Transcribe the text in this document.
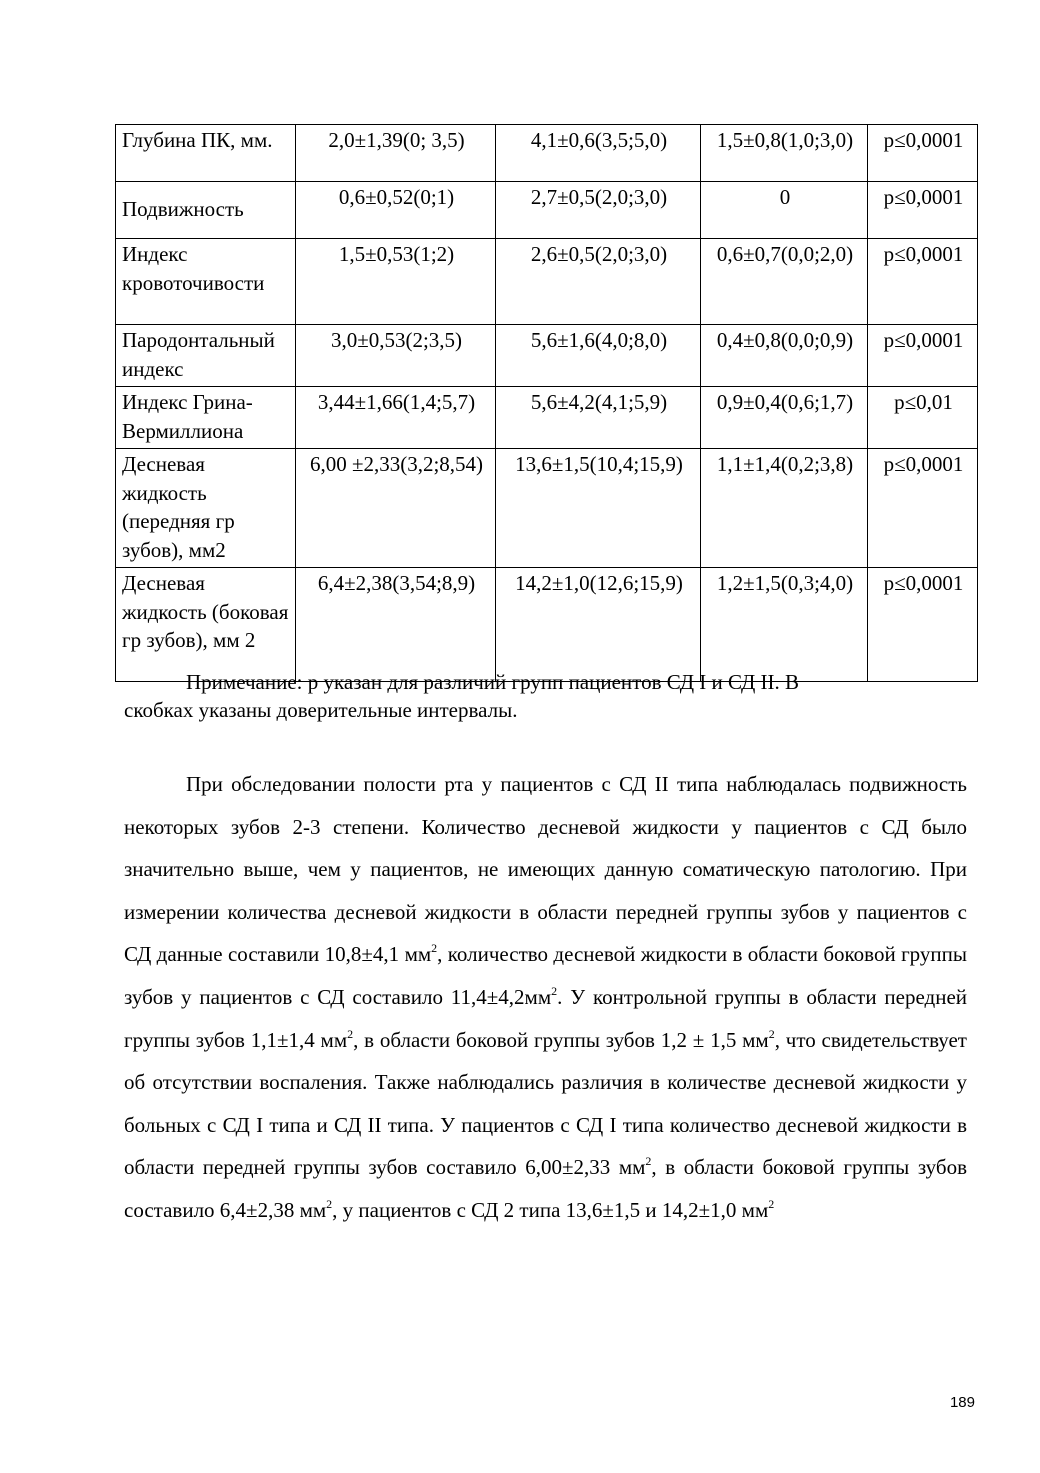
Глубина ПК, мм.	2,0±1,39(0; 3,5)	4,1±0,6(3,5;5,0)	1,5±0,8(1,0;3,0)	p≤0,0001
Подвижность	0,6±0,52(0;1)	2,7±0,5(2,0;3,0)	0	p≤0,0001
Индекс кровоточивости	1,5±0,53(1;2)	2,6±0,5(2,0;3,0)	0,6±0,7(0,0;2,0)	p≤0,0001
Пародонтальный индекс	3,0±0,53(2;3,5)	5,6±1,6(4,0;8,0)	0,4±0,8(0,0;0,9)	p≤0,0001
Индекс Грина-Вермиллиона	3,44±1,66(1,4;5,7)	5,6±4,2(4,1;5,9)	0,9±0,4(0,6;1,7)	p≤0,01
Десневая жидкость (передняя гр зубов), мм2	6,00 ±2,33(3,2;8,54)	13,6±1,5(10,4;15,9)	1,1±1,4(0,2;3,8)	p≤0,0001
Десневая жидкость (боковая гр зубов), мм 2	6,4±2,38(3,54;8,9)	14,2±1,0(12,6;15,9)	1,2±1,5(0,3;4,0)	p≤0,0001
Примечание: р указан для различий групп пациентов СД I и СД II. В
скобках указаны доверительные интервалы.

При обследовании полости рта у пациентов с СД II типа наблюдалась подвижность некоторых зубов 2-3 степени. Количество десневой жидкости у пациентов с СД было значительно выше, чем у пациентов, не имеющих данную соматическую патологию. При измерении количества десневой жидкости в области передней группы зубов у пациентов с СД данные составили 10,8±4,1 $мм^2$, количество десневой жидкости в области боковой группы зубов у пациентов с СД составило $11,4\pm 4,2мм^2$. У контрольной группы в области передней группы зубов 1,1±1,4 $мм^2$, в области боковой группы зубов 1,2 ± 1,5 $мм^2$, что свидетельствует об отсутствии воспаления. Также наблюдались различия в количестве десневой жидкости у больных с СД I типа и СД II типа. У пациентов с СД I типа количество десневой жидкости в области передней группы зубов составило 6,00±2,33 $мм^2$, в области боковой группы зубов составило 6,4±2,38 $мм^2$, у пациентов с СД 2 типа 13,6±1,5 и 14,2±1,0 $мм^2$

189
